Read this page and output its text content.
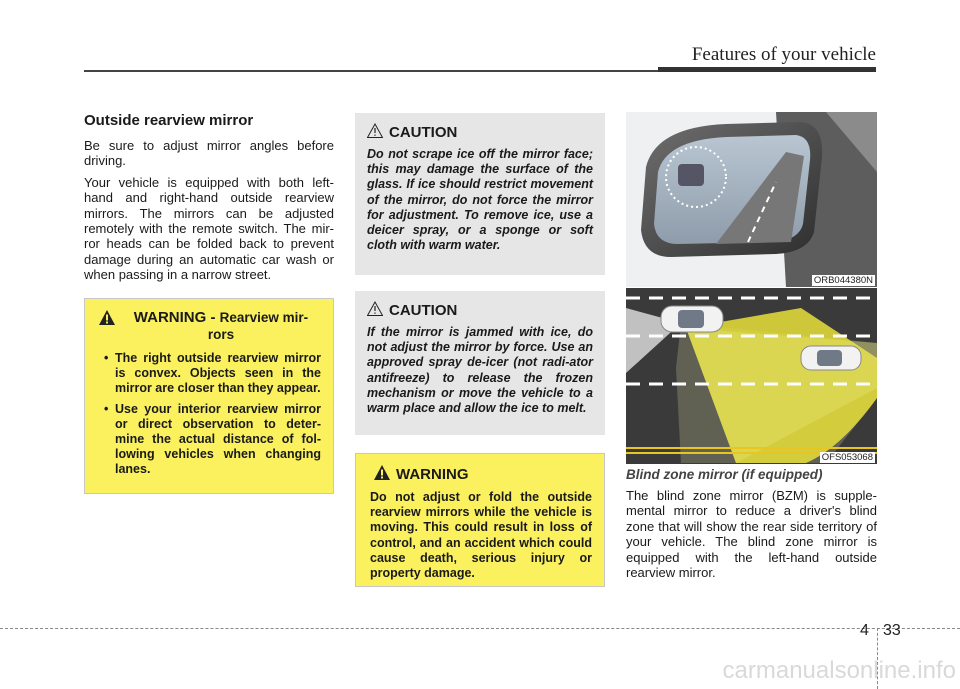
Features of your vehicle
Outside rearview mirror

Be sure to adjust mirror angles before driving.

Your vehicle is equipped with both left-hand and right-hand outside rearview mirrors. The mirrors can be adjusted remotely with the remote switch. The mir-ror heads can be folded back to prevent damage during an automatic car wash or when passing in a narrow street.

WARNING - Rearview mir-rors
• The right outside rearview mirror is convex. Objects seen in the mirror are closer than they appear.
• Use your interior rearview mirror or direct observation to deter-mine the actual distance of fol-lowing vehicles when changing lanes.
CAUTION

Do not scrape ice off the mirror face; this may damage the surface of the glass. If ice should restrict movement of the mirror, do not force the mirror for adjustment. To remove ice, use a deicer spray, or a sponge or soft cloth with warm water.

CAUTION

If the mirror is jammed with ice, do not adjust the mirror by force. Use an approved spray de-icer (not radi-ator antifreeze) to release the frozen mechanism or move the vehicle to a warm place and allow the ice to melt.

WARNING

Do not adjust or fold the outside rearview mirrors while the vehicle is moving. This could result in loss of control, and an accident which could cause death, serious injury or property damage.

ORB044380N
OFS053068
Blind zone mirror (if equipped)

The blind zone mirror (BZM) is supple-mental mirror to reduce a driver's blind zone that will show the rear side territory of your vehicle. The blind zone mirror is equipped with the left-hand outside rearview mirror.

4 33
carmanualsonline.info
